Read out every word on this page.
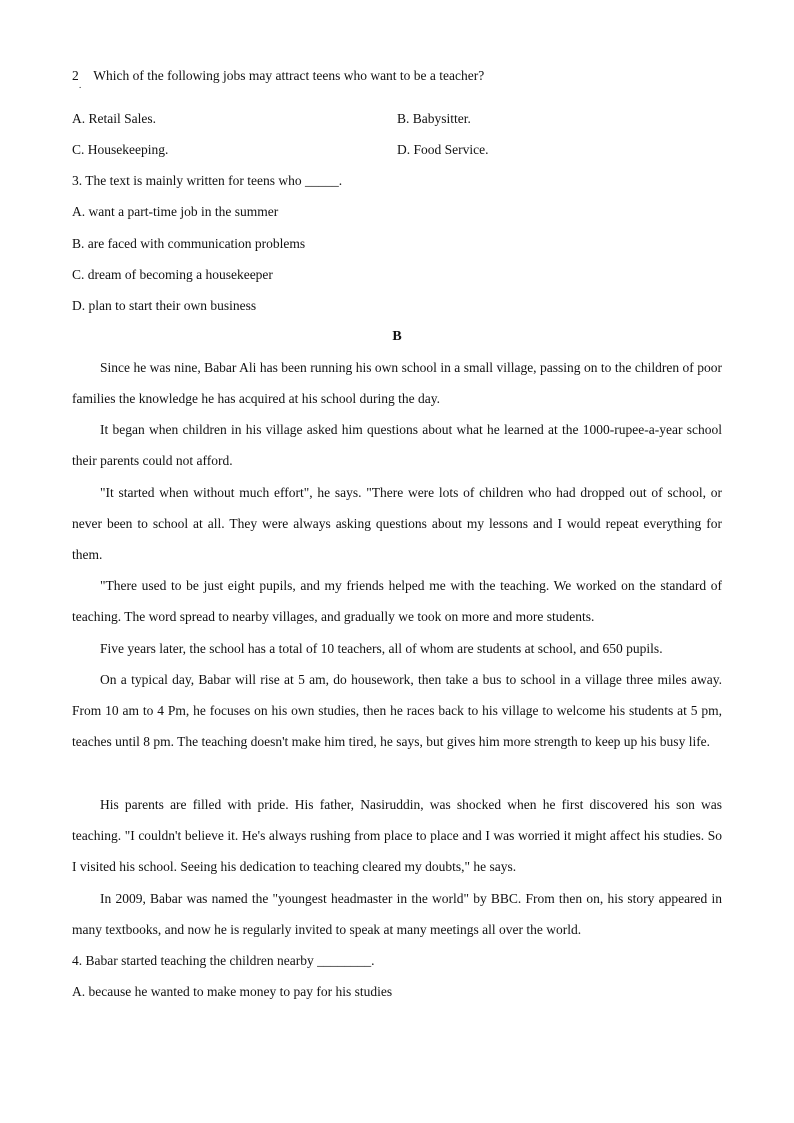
2 Which of the following jobs may attract teens who want to be a teacher?
.
A. Retail Sales.	B. Babysitter.
C. Housekeeping.	D. Food Service.
3. The text is mainly written for teens who _____.
A. want a part-time job in the summer
B. are faced with communication problems
C. dream of becoming a housekeeper
D. plan to start their own business
B
Since he was nine, Babar Ali has been running his own school in a small village, passing on to the children of poor families the knowledge he has acquired at his school during the day.
It began when children in his village asked him questions about what he learned at the 1000-rupee-a-year school their parents could not afford.
"It started when without much effort", he says. "There were lots of children who had dropped out of school, or never been to school at all. They were always asking questions about my lessons and I would repeat everything for them.
"There used to be just eight pupils, and my friends helped me with the teaching. We worked on the standard of teaching. The word spread to nearby villages, and gradually we took on more and more students.
Five years later, the school has a total of 10 teachers, all of whom are students at school, and 650 pupils.
On a typical day, Babar will rise at 5 am, do housework, then take a bus to school in a village three miles away. From 10 am to 4 Pm, he focuses on his own studies, then he races back to his village to welcome his students at 5 pm, teaches until 8 pm. The teaching doesn't make him tired, he says, but gives him more strength to keep up his busy life.
His parents are filled with pride. His father, Nasiruddin, was shocked when he first discovered his son was teaching. "I couldn't believe it. He's always rushing from place to place and I was worried it might affect his studies. So I visited his school. Seeing his dedication to teaching cleared my doubts," he says.
In 2009, Babar was named the "youngest headmaster in the world" by BBC. From then on, his story appeared in many textbooks, and now he is regularly invited to speak at many meetings all over the world.
4. Babar started teaching the children nearby ________.
A. because he wanted to make money to pay for his studies
